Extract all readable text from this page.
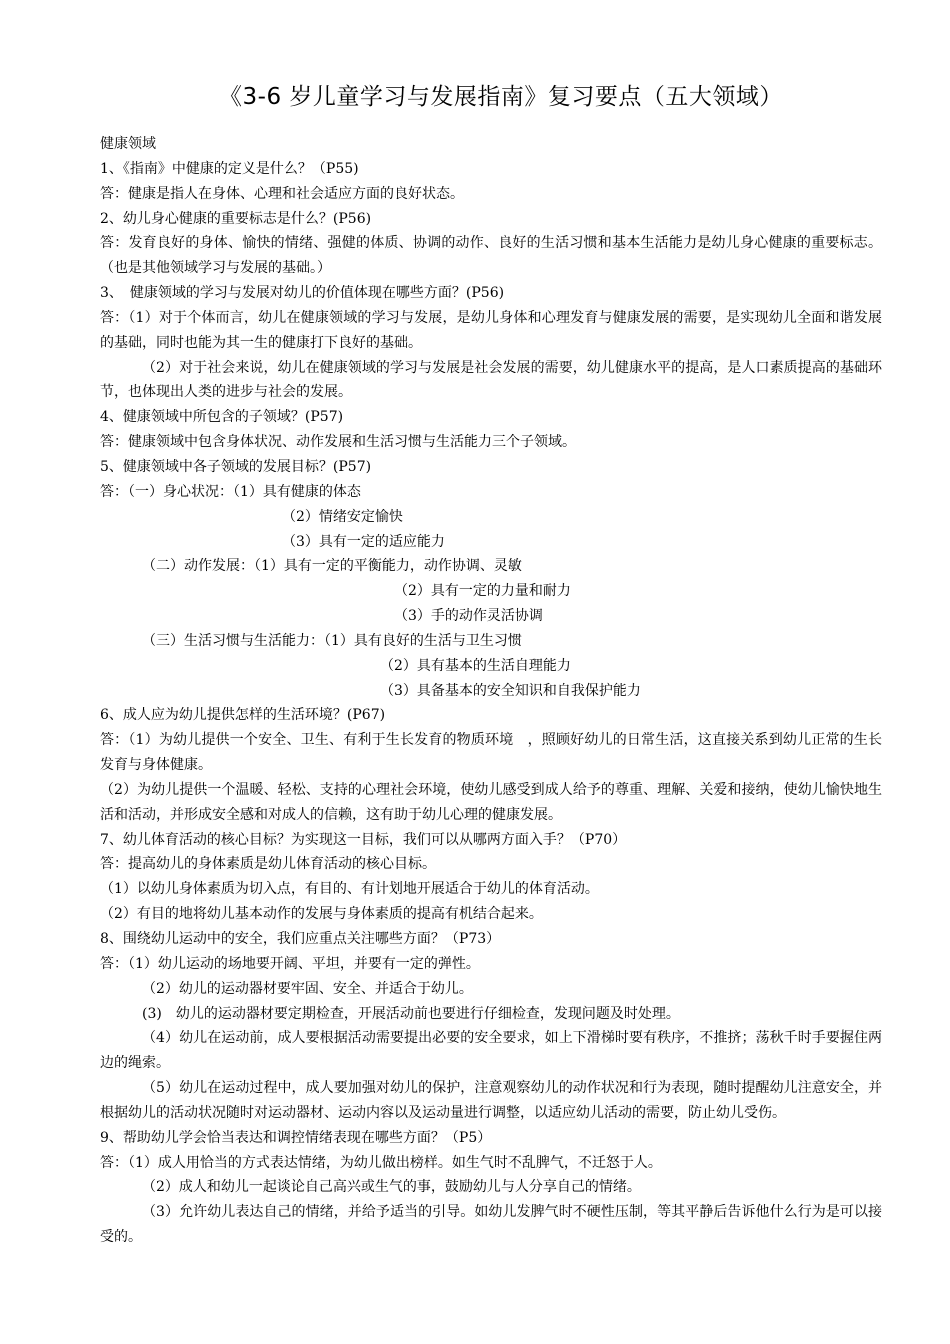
《3-6 岁儿童学习与发展指南》复习要点（五大领域）
健康领域
1、《指南》中健康的定义是什么？（P55)
答：健康是指人在身体、心理和社会适应方面的良好状态。
2、幼儿身心健康的重要标志是什么？(P56)
答：发育良好的身体、愉快的情绪、强健的体质、协调的动作、良好的生活习惯和基本生活能力是幼儿身心健康的重要标志。（也是其他领域学习与发展的基础。）
3、　健康领域的学习与发展对幼儿的价值体现在哪些方面？(P56)
答：（1）对于个体而言，幼儿在健康领域的学习与发展，是幼儿身体和心理发育与健康发展的需要，是实现幼儿全面和谐发展的基础，同时也能为其一生的健康打下良好的基础。
（2）对于社会来说，幼儿在健康领域的学习与发展是社会发展的需要，幼儿健康水平的提高，是人口素质提高的基础环节，也体现出人类的进步与社会的发展。
4、健康领域中所包含的子领域？(P57)
答：健康领域中包含身体状况、动作发展和生活习惯与生活能力三个子领域。
5、健康领域中各子领域的发展目标？(P57)
答：（一）身心状况：（1）具有健康的体态
（2）情绪安定愉快
（3）具有一定的适应能力
（二）动作发展：（1）具有一定的平衡能力，动作协调、灵敏
（2）具有一定的力量和耐力
（3）手的动作灵活协调
（三）生活习惯与生活能力：（1）具有良好的生活与卫生习惯
（2）具有基本的生活自理能力
（3）具备基本的安全知识和自我保护能力
6、成人应为幼儿提供怎样的生活环境？(P67)
答：（1）为幼儿提供一个安全、卫生、有利于生长发育的物质环境　，照顾好幼儿的日常生活，这直接关系到幼儿正常的生长发育与身体健康。
（2）为幼儿提供一个温暖、轻松、支持的心理社会环境，使幼儿感受到成人给予的尊重、理解、关爱和接纳，使幼儿愉快地生活和活动，并形成安全感和对成人的信赖，这有助于幼儿心理的健康发展。
7、幼儿体育活动的核心目标？为实现这一目标，我们可以从哪两方面入手？（P70）
答：提高幼儿的身体素质是幼儿体育活动的核心目标。
（1）以幼儿身体素质为切入点，有目的、有计划地开展适合于幼儿的体育活动。
（2）有目的地将幼儿基本动作的发展与身体素质的提高有机结合起来。
8、围绕幼儿运动中的安全，我们应重点关注哪些方面？（P73）
答：（1）幼儿运动的场地要开阔、平坦，并要有一定的弹性。
（2）幼儿的运动器材要牢固、安全、并适合于幼儿。
(3)　幼儿的运动器材要定期检查，开展活动前也要进行仔细检查，发现问题及时处理。
（4）幼儿在运动前，成人要根据活动需要提出必要的安全要求，如上下滑梯时要有秩序，不推挤；荡秋千时手要握住两边的绳索。
（5）幼儿在运动过程中，成人要加强对幼儿的保护，注意观察幼儿的动作状况和行为表现，随时提醒幼儿注意安全，并根据幼儿的活动状况随时对运动器材、运动内容以及运动量进行调整，以适应幼儿活动的需要，防止幼儿受伤。
9、帮助幼儿学会恰当表达和调控情绪表现在哪些方面？（P5）
答：（1）成人用恰当的方式表达情绪，为幼儿做出榜样。如生气时不乱脾气，不迁怒于人。
（2）成人和幼儿一起谈论自己高兴或生气的事，鼓励幼儿与人分享自己的情绪。
（3）允许幼儿表达自己的情绪，并给予适当的引导。如幼儿发脾气时不硬性压制，等其平静后告诉他什么行为是可以接受的。
